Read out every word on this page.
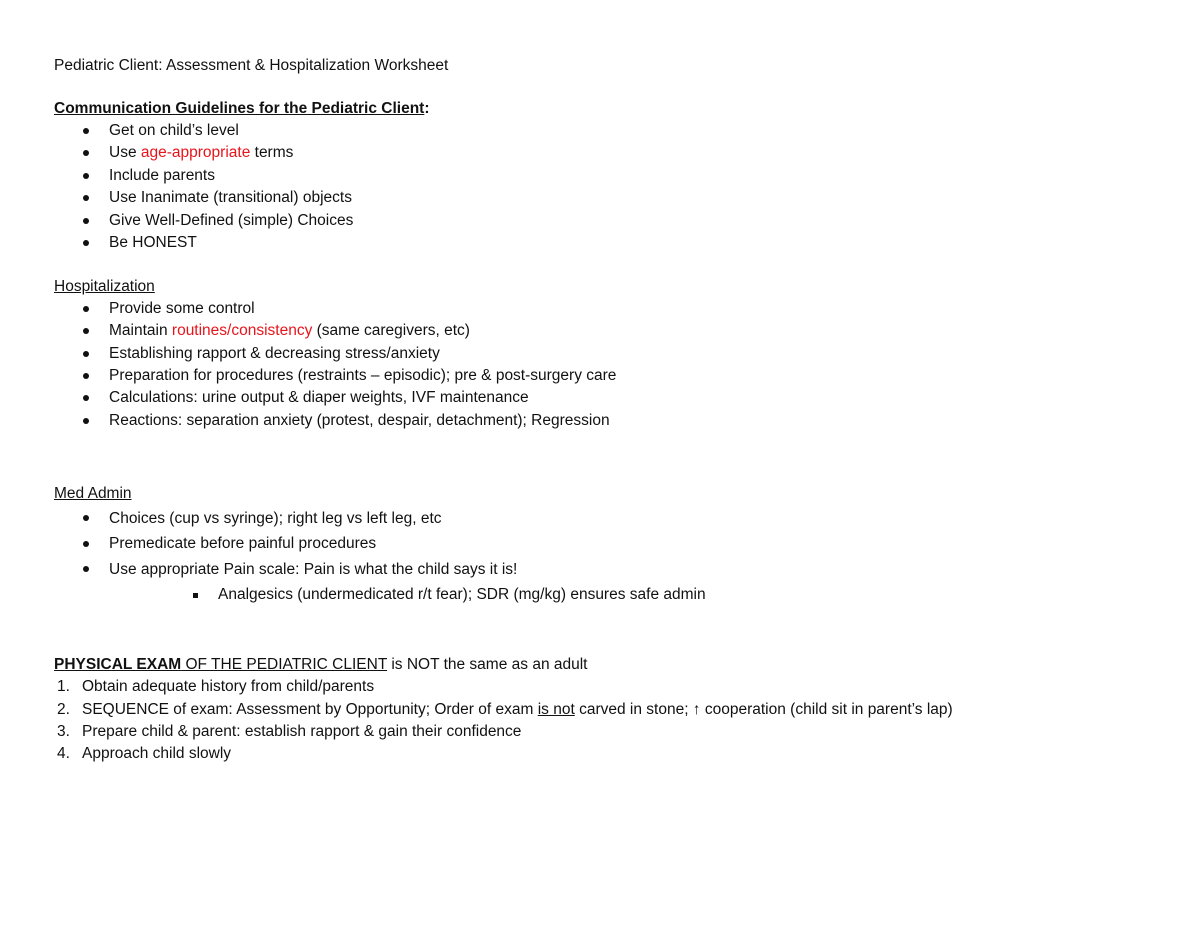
Pediatric Client: Assessment & Hospitalization Worksheet
Communication Guidelines for the Pediatric Client:
Get on child’s level
Use age-appropriate terms
Include parents
Use Inanimate (transitional) objects
Give Well-Defined (simple) Choices
Be HONEST
Hospitalization
Provide some control
Maintain routines/consistency (same caregivers, etc)
Establishing rapport & decreasing stress/anxiety
Preparation for procedures (restraints – episodic); pre & post-surgery care
Calculations: urine output & diaper weights, IVF maintenance
Reactions: separation anxiety (protest, despair, detachment); Regression
Med Admin
Choices (cup vs syringe); right leg vs left leg, etc
Premedicate before painful procedures
Use appropriate Pain scale: Pain is what the child says it is!
Analgesics (undermedicated r/t fear); SDR (mg/kg) ensures safe admin
PHYSICAL EXAM OF THE PEDIATRIC CLIENT is NOT the same as an adult
1. Obtain adequate history from child/parents
2. SEQUENCE of exam: Assessment by Opportunity; Order of exam is not carved in stone; ↑ cooperation (child sit in parent’s lap)
3. Prepare child & parent: establish rapport & gain their confidence
4. Approach child slowly
